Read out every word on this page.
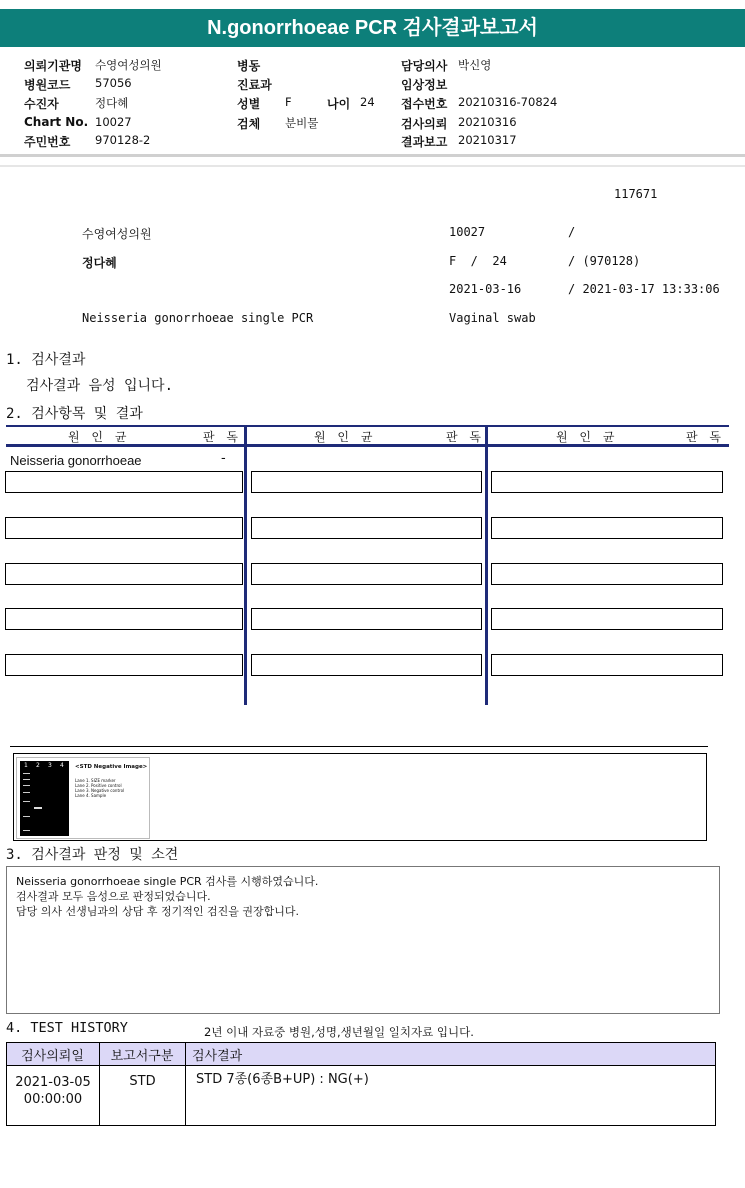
N.gonorrhoeae PCR 검사결과보고서
의뢰기관명 수영여성의원
병원코드 57056
수진자	정다혜
Chart No. 10027
주민번호 970128-2
병동
진료과
성별 F	나이 24
검체 분비물
담당의사 박신영
임상정보
접수번호 20210316-70824
검사의뢰 20210316
결과보고 20210317
117671
수영여성의원	10027	/
정다혜	F  /  24	/ (970128)
2021-03-16	/ 2021-03-17 13:33:06
Neisseria gonorrhoeae single PCR	Vaginal swab
1. 검사결과
검사결과 음성 입니다.
2. 검사항목 및 결과
원 인 균	판 독	원 인 균	판 독	원 인 균	판 독
Neisseria gonorrhoeae	-
1 2 3 4 <STD Negative Image>
Lane 1. SIZE marker
Lane 2. Positive control
Lane 3. Negative control
Lane 4. Sample
3. 검사결과 판정 및 소견
Neisseria gonorrhoeae single PCR 검사를 시행하였습니다.
검사결과 모두 음성으로 판정되었습니다.
담당 의사 선생님과의 상담 후 정기적인 검진을 권장합니다.
4. TEST HISTORY	2년 이내 자료중 병원,성명,생년월일 일치자료 입니다.
검사의뢰일	보고서구분	검사결과

2021-03-05
00:00:00	STD	STD 7종(6종B+UP) : NG(+)
